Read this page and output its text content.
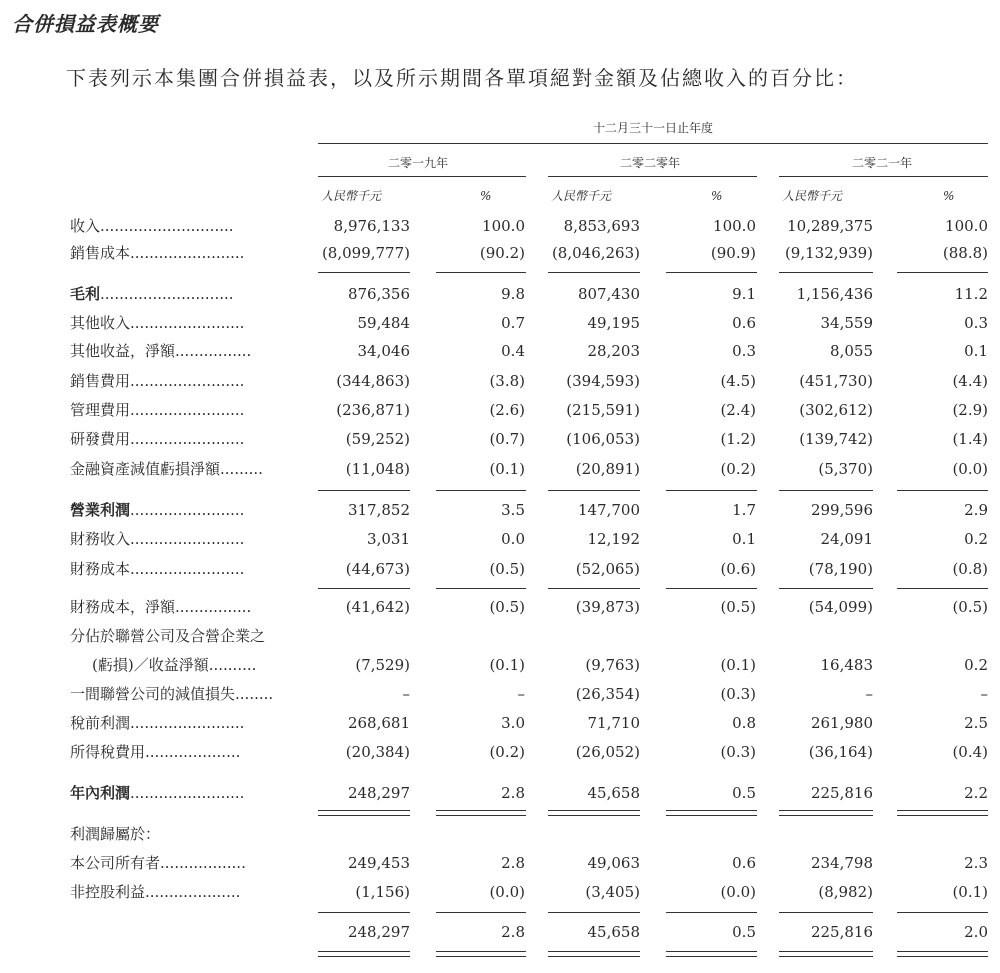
合併損益表概要
下表列示本集團合併損益表，以及所示期間各單項絕對金額及佔總收入的百分比：
十二月三十一日止年度
二零一九年
人民幣千元	%
二零二零年
人民幣千元	%
二零二一年
人民幣千元	%
收入............................	8,976,133	100.0	8,853,693	100.0	10,289,375	100.0
銷售成本........................	(8,099,777)	(90.2)	(8,046,263)	(90.9)	(9,132,939)	(88.8)
毛利............................	876,356	9.8	807,430	9.1	1,156,436	11.2
其他收入........................	59,484	0.7	49,195	0.6	34,559	0.3
其他收益，淨額................	34,046	0.4	28,203	0.3	8,055	0.1
銷售費用........................	(344,863)	(3.8)	(394,593)	(4.5)	(451,730)	(4.4)
管理費用........................	(236,871)	(2.6)	(215,591)	(2.4)	(302,612)	(2.9)
研發費用........................	(59,252)	(0.7)	(106,053)	(1.2)	(139,742)	(1.4)
金融資產減值虧損淨額.........	(11,048)	(0.1)	(20,891)	(0.2)	(5,370)	(0.0)
營業利潤........................	317,852	3.5	147,700	1.7	299,596	2.9
財務收入........................	3,031	0.0	12,192	0.1	24,091	0.2
財務成本........................	(44,673)	(0.5)	(52,065)	(0.6)	(78,190)	(0.8)
財務成本，淨額................	(41,642)	(0.5)	(39,873)	(0.5)	(54,099)	(0.5)
分佔於聯營公司及合營企業之
(虧損)／收益淨額..........	(7,529)	(0.1)	(9,763)	(0.1)	16,483	0.2
一間聯營公司的減值損失........	–	–	(26,354)	(0.3)	–	–
稅前利潤........................	268,681	3.0	71,710	0.8	261,980	2.5
所得稅費用....................	(20,384)	(0.2)	(26,052)	(0.3)	(36,164)	(0.4)
年內利潤........................	248,297	2.8	45,658	0.5	225,816	2.2
利潤歸屬於：
本公司所有者..................	249,453	2.8	49,063	0.6	234,798	2.3
非控股利益....................	(1,156)	(0.0)	(3,405)	(0.0)	(8,982)	(0.1)
248,297	2.8	45,658	0.5	225,816	2.0
